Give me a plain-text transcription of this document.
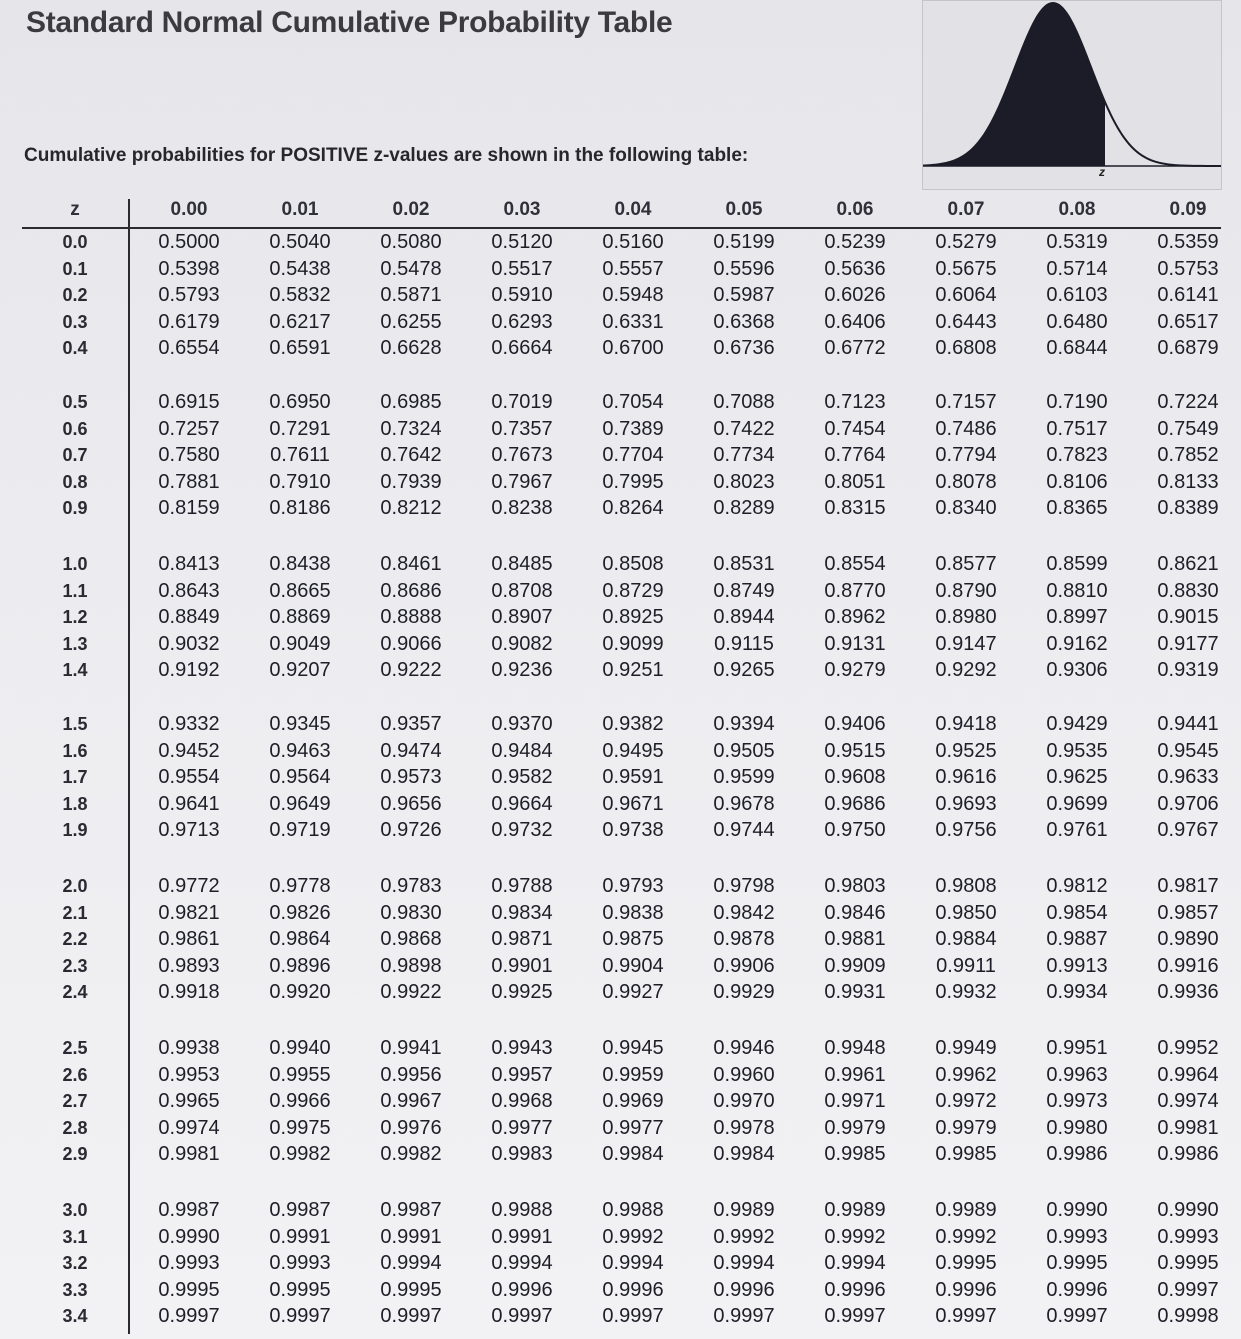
Standard Normal Cumulative Probability Table
Cumulative probabilities for POSITIVE z-values are shown in the following table:
z
z	0.00	0.01	0.02	0.03	0.04	0.05	0.06	0.07	0.08	0.09
0.0	0.5000	0.5040	0.5080	0.5120	0.5160	0.5199	0.5239	0.5279	0.5319	0.5359
0.1	0.5398	0.5438	0.5478	0.5517	0.5557	0.5596	0.5636	0.5675	0.5714	0.5753
0.2	0.5793	0.5832	0.5871	0.5910	0.5948	0.5987	0.6026	0.6064	0.6103	0.6141
0.3	0.6179	0.6217	0.6255	0.6293	0.6331	0.6368	0.6406	0.6443	0.6480	0.6517
0.4	0.6554	0.6591	0.6628	0.6664	0.6700	0.6736	0.6772	0.6808	0.6844	0.6879
0.5	0.6915	0.6950	0.6985	0.7019	0.7054	0.7088	0.7123	0.7157	0.7190	0.7224
0.6	0.7257	0.7291	0.7324	0.7357	0.7389	0.7422	0.7454	0.7486	0.7517	0.7549
0.7	0.7580	0.7611	0.7642	0.7673	0.7704	0.7734	0.7764	0.7794	0.7823	0.7852
0.8	0.7881	0.7910	0.7939	0.7967	0.7995	0.8023	0.8051	0.8078	0.8106	0.8133
0.9	0.8159	0.8186	0.8212	0.8238	0.8264	0.8289	0.8315	0.8340	0.8365	0.8389
1.0	0.8413	0.8438	0.8461	0.8485	0.8508	0.8531	0.8554	0.8577	0.8599	0.8621
1.1	0.8643	0.8665	0.8686	0.8708	0.8729	0.8749	0.8770	0.8790	0.8810	0.8830
1.2	0.8849	0.8869	0.8888	0.8907	0.8925	0.8944	0.8962	0.8980	0.8997	0.9015
1.3	0.9032	0.9049	0.9066	0.9082	0.9099	0.9115	0.9131	0.9147	0.9162	0.9177
1.4	0.9192	0.9207	0.9222	0.9236	0.9251	0.9265	0.9279	0.9292	0.9306	0.9319
1.5	0.9332	0.9345	0.9357	0.9370	0.9382	0.9394	0.9406	0.9418	0.9429	0.9441
1.6	0.9452	0.9463	0.9474	0.9484	0.9495	0.9505	0.9515	0.9525	0.9535	0.9545
1.7	0.9554	0.9564	0.9573	0.9582	0.9591	0.9599	0.9608	0.9616	0.9625	0.9633
1.8	0.9641	0.9649	0.9656	0.9664	0.9671	0.9678	0.9686	0.9693	0.9699	0.9706
1.9	0.9713	0.9719	0.9726	0.9732	0.9738	0.9744	0.9750	0.9756	0.9761	0.9767
2.0	0.9772	0.9778	0.9783	0.9788	0.9793	0.9798	0.9803	0.9808	0.9812	0.9817
2.1	0.9821	0.9826	0.9830	0.9834	0.9838	0.9842	0.9846	0.9850	0.9854	0.9857
2.2	0.9861	0.9864	0.9868	0.9871	0.9875	0.9878	0.9881	0.9884	0.9887	0.9890
2.3	0.9893	0.9896	0.9898	0.9901	0.9904	0.9906	0.9909	0.9911	0.9913	0.9916
2.4	0.9918	0.9920	0.9922	0.9925	0.9927	0.9929	0.9931	0.9932	0.9934	0.9936
2.5	0.9938	0.9940	0.9941	0.9943	0.9945	0.9946	0.9948	0.9949	0.9951	0.9952
2.6	0.9953	0.9955	0.9956	0.9957	0.9959	0.9960	0.9961	0.9962	0.9963	0.9964
2.7	0.9965	0.9966	0.9967	0.9968	0.9969	0.9970	0.9971	0.9972	0.9973	0.9974
2.8	0.9974	0.9975	0.9976	0.9977	0.9977	0.9978	0.9979	0.9979	0.9980	0.9981
2.9	0.9981	0.9982	0.9982	0.9983	0.9984	0.9984	0.9985	0.9985	0.9986	0.9986
3.0	0.9987	0.9987	0.9987	0.9988	0.9988	0.9989	0.9989	0.9989	0.9990	0.9990
3.1	0.9990	0.9991	0.9991	0.9991	0.9992	0.9992	0.9992	0.9992	0.9993	0.9993
3.2	0.9993	0.9993	0.9994	0.9994	0.9994	0.9994	0.9994	0.9995	0.9995	0.9995
3.3	0.9995	0.9995	0.9995	0.9996	0.9996	0.9996	0.9996	0.9996	0.9996	0.9997
3.4	0.9997	0.9997	0.9997	0.9997	0.9997	0.9997	0.9997	0.9997	0.9997	0.9998
